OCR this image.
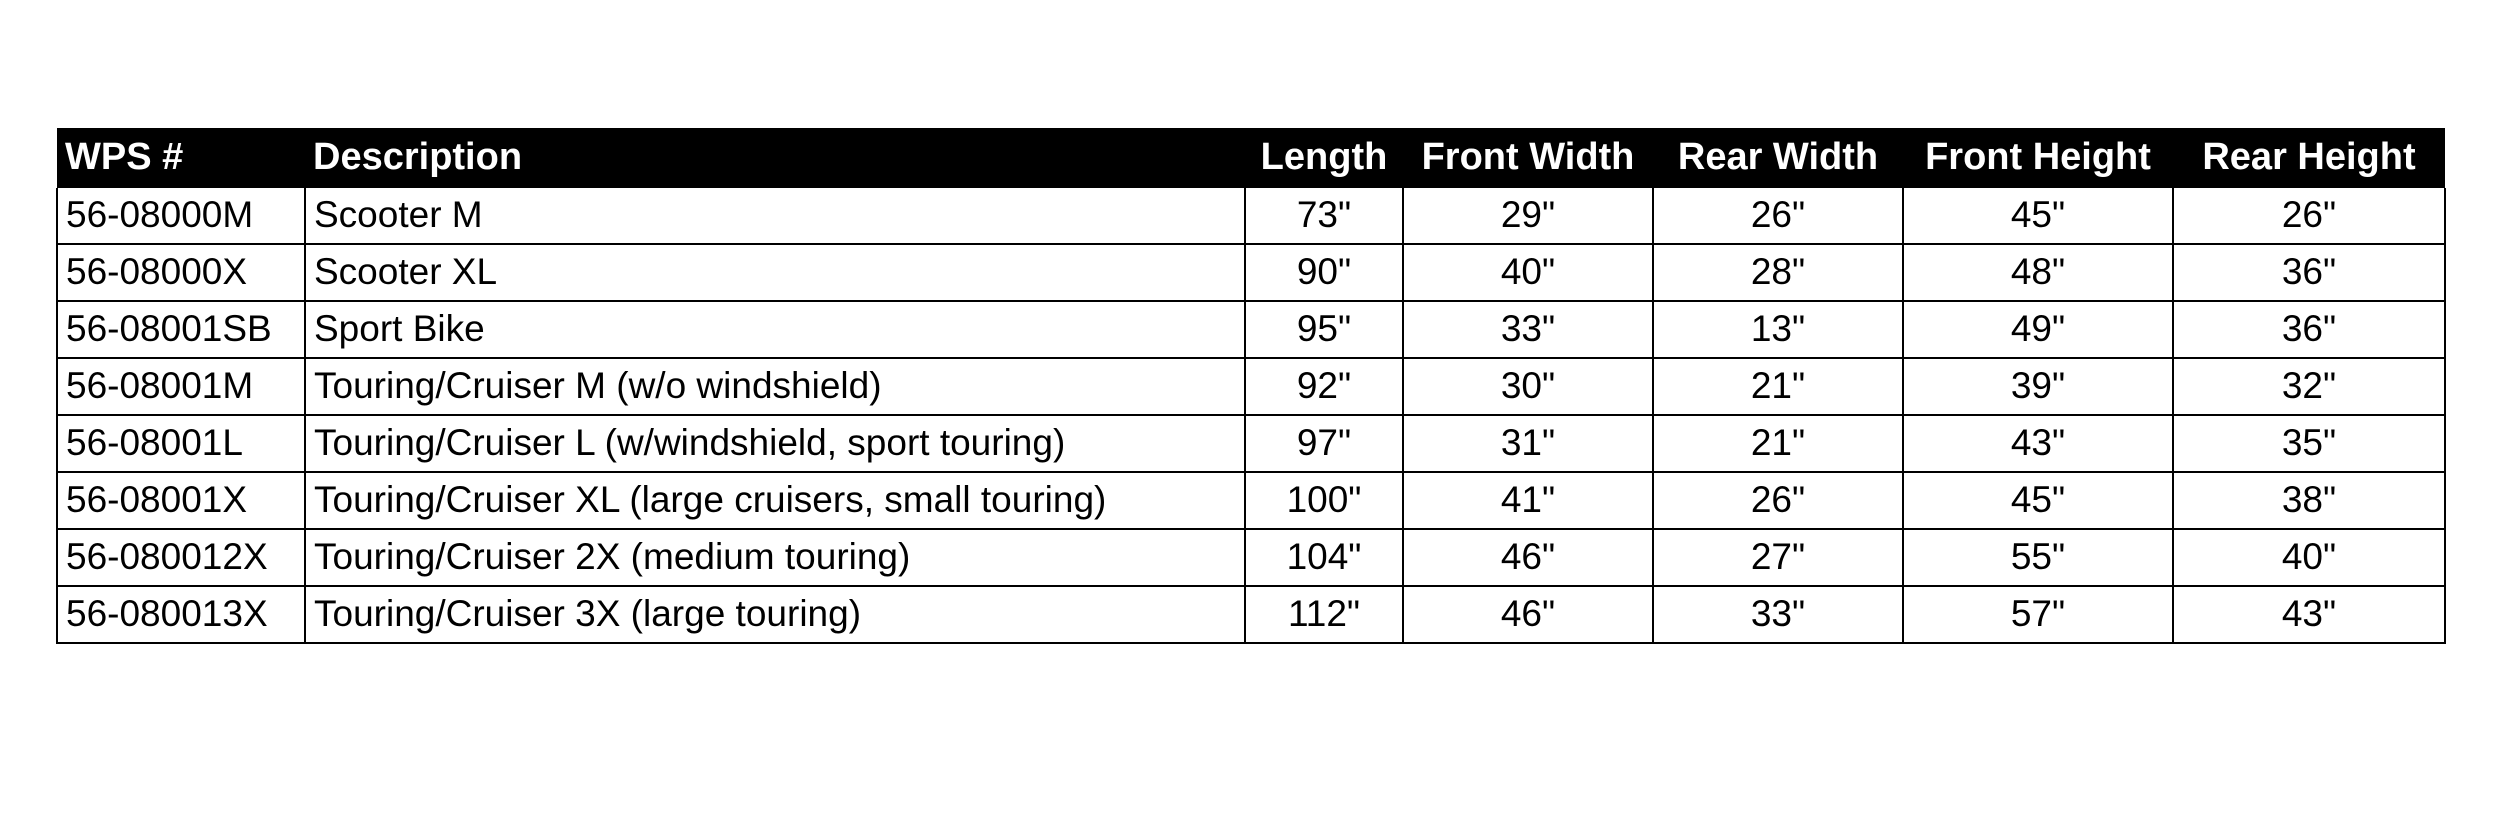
WPS #	Description	Length	Front Width	Rear Width	Front Height	Rear Height
56-08000M	Scooter M	73"	29"	26"	45"	26"
56-08000X	Scooter XL	90"	40"	28"	48"	36"
56-08001SB	Sport Bike	95"	33"	13"	49"	36"
56-08001M	Touring/Cruiser M (w/o windshield)	92"	30"	21"	39"	32"
56-08001L	Touring/Cruiser L (w/windshield, sport touring)	97"	31"	21"	43"	35"
56-08001X	Touring/Cruiser XL (large cruisers, small touring)	100"	41"	26"	45"	38"
56-080012X	Touring/Cruiser 2X (medium touring)	104"	46"	27"	55"	40"
56-080013X	Touring/Cruiser 3X (large touring)	112"	46"	33"	57"	43"
